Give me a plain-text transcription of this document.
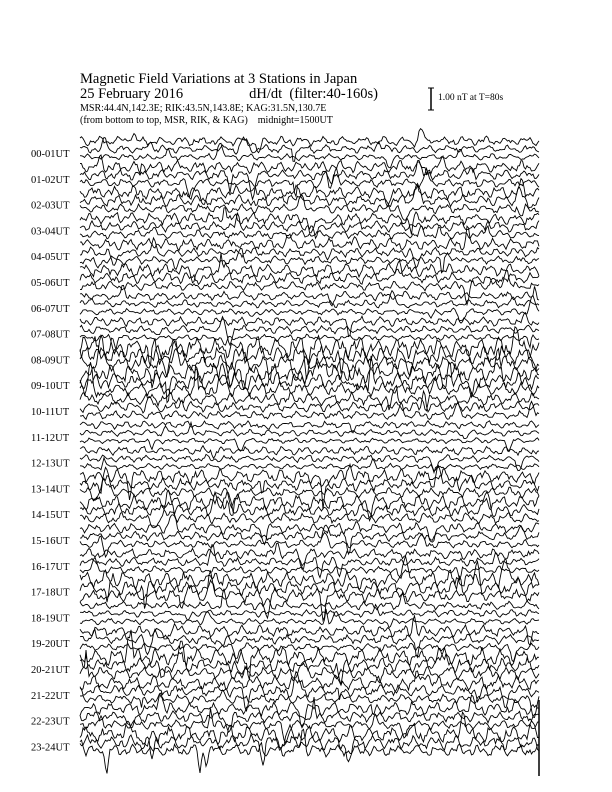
Magnetic Field Variations at 3 Stations in Japan
25 February 2016	dH/dt (filter:40-160s)
MSR:44.4N,142.3E; RIK:43.5N,143.8E; KAG:31.5N,130.7E
(from bottom to top, MSR, RIK, & KAG) midnight=1500UT
1.00 nT at T=80s
00-01UT
01-02UT
02-03UT
03-04UT
04-05UT
05-06UT
06-07UT
07-08UT
08-09UT
09-10UT
10-11UT
11-12UT
12-13UT
13-14UT
14-15UT
15-16UT
16-17UT
17-18UT
18-19UT
19-20UT
20-21UT
21-22UT
22-23UT
23-24UT
